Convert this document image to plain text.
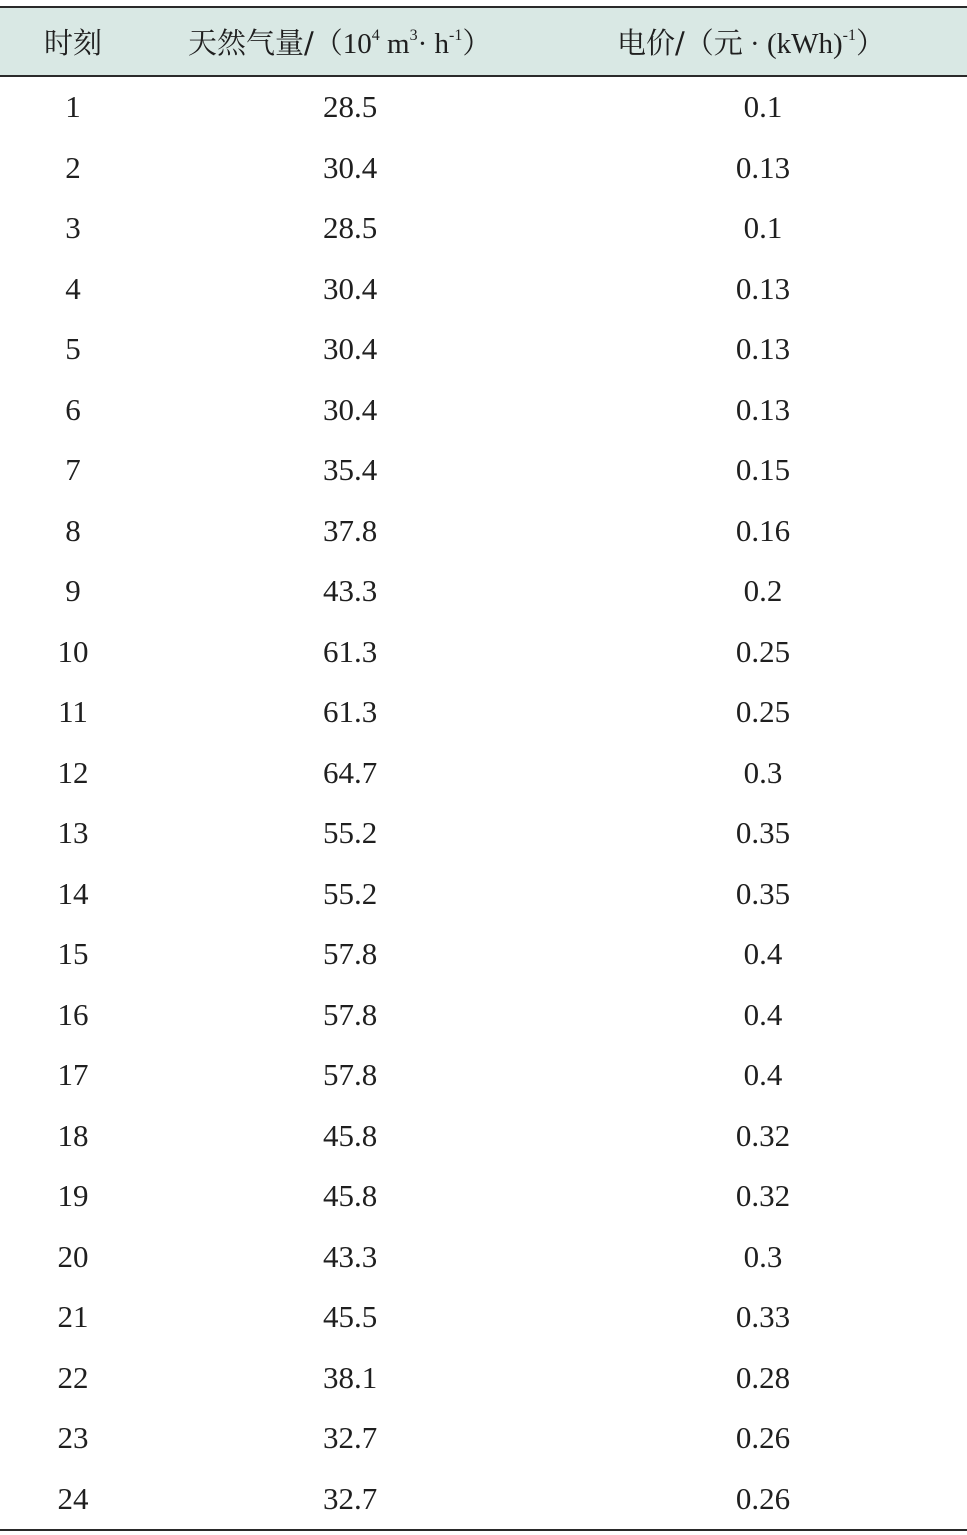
时刻	天然气量$/(10^4$ $m^3\cdot h^{-1}$）	电价/（元 · (kWh)$^{-1}$）
1	28.5	0.1
2	30.4	0.13
3	28.5	0.1
4	30.4	0.13
5	30.4	0.13
6	30.4	0.13
7	35.4	0.15
8	37.8	0.16
9	43.3	0.2
10	61.3	0.25
11	61.3	0.25
12	64.7	0.3
13	55.2	0.35
14	55.2	0.35
15	57.8	0.4
16	57.8	0.4
17	57.8	0.4
18	45.8	0.32
19	45.8	0.32
20	43.3	0.3
21	45.5	0.33
22	38.1	0.28
23	32.7	0.26
24	32.7	0.26
